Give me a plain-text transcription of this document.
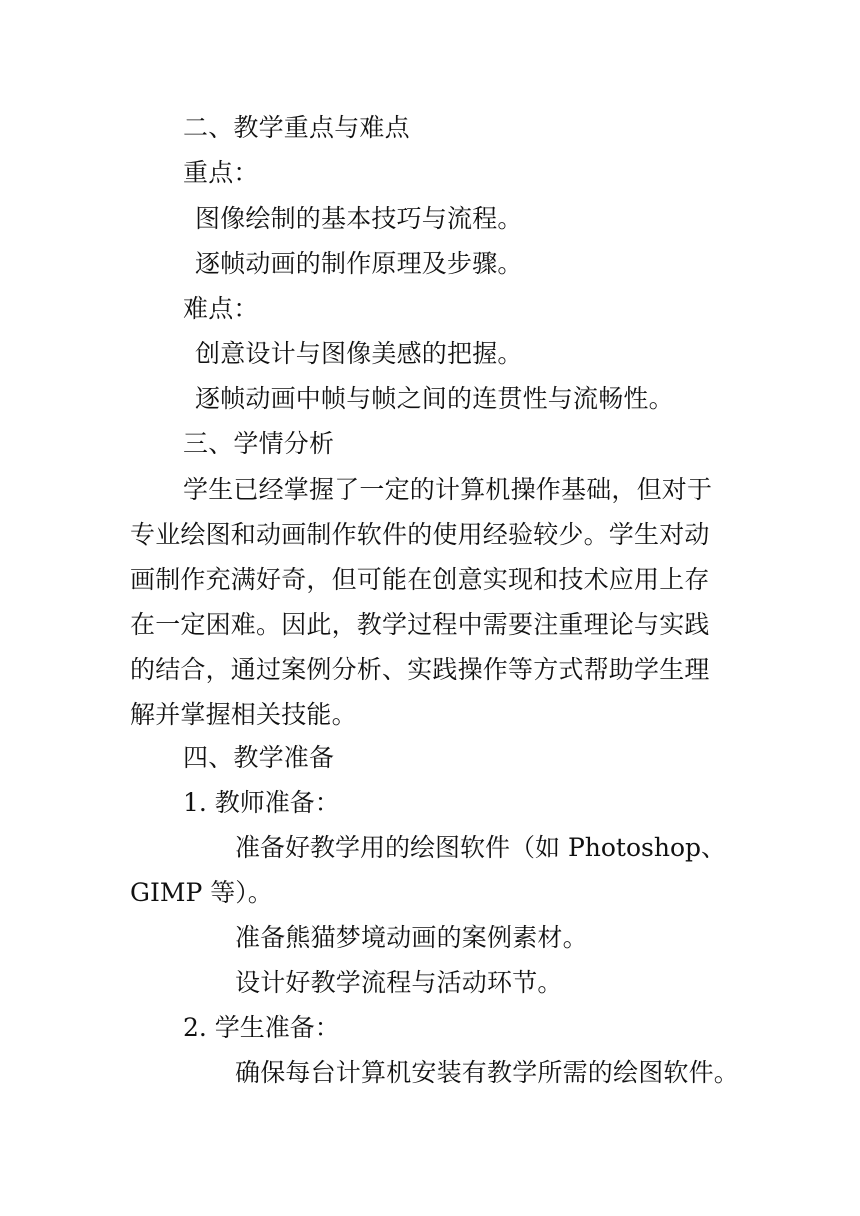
二、教学重点与难点
重点：
图像绘制的基本技巧与流程。
逐帧动画的制作原理及步骤。
难点：
创意设计与图像美感的把握。
逐帧动画中帧与帧之间的连贯性与流畅性。
三、学情分析
学生已经掌握了一定的计算机操作基础，但对于
专业绘图和动画制作软件的使用经验较少。学生对动
画制作充满好奇，但可能在创意实现和技术应用上存
在一定困难。因此，教学过程中需要注重理论与实践
的结合，通过案例分析、实践操作等方式帮助学生理
解并掌握相关技能。
四、教学准备
1. 教师准备：
准备好教学用的绘图软件（如 Photoshop、
GIMP 等）。
准备熊猫梦境动画的案例素材。
设计好教学流程与活动环节。
2. 学生准备：
确保每台计算机安装有教学所需的绘图软件。
